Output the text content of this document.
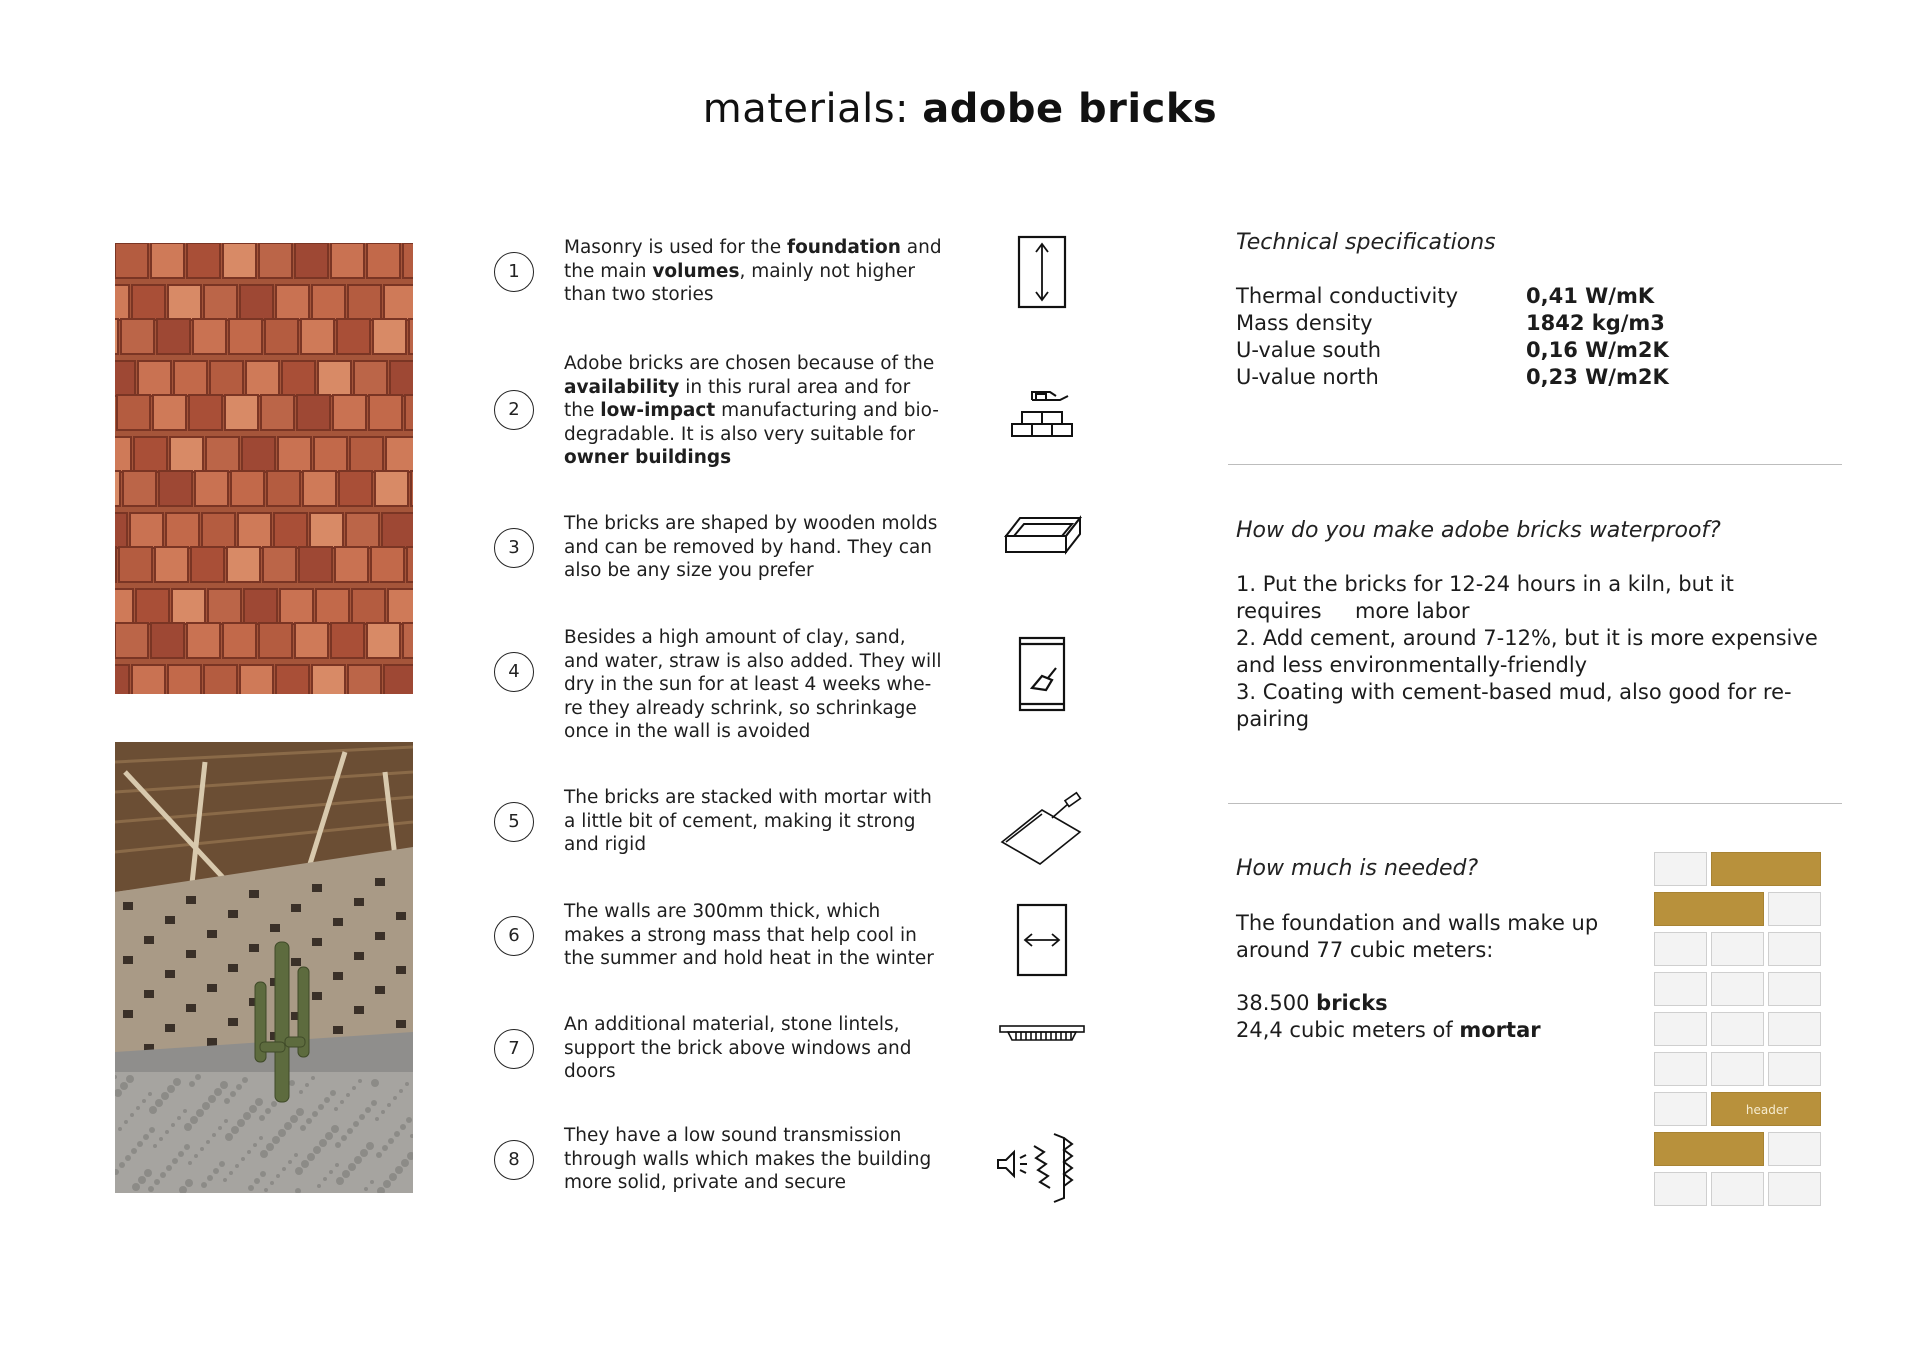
materials: adobe bricks
1
Masonry is used for the foundation and the main volumes, mainly not higher than two stories
2
Adobe bricks are chosen because of the availability in this rural area and for the low-impact manufacturing and bio-degradable. It is also very suitable for owner buildings
3
The bricks are shaped by wooden molds and can be removed by hand. They can also be any size you prefer
4
Besides a high amount of clay, sand, and water, straw is also added. They will dry in the sun for at least 4 weeks whe-re they already schrink, so schrinkage once in the wall is avoided
5
The bricks are stacked with mortar with a little bit of cement, making it strong and rigid
6
The walls are 300mm thick, which makes a strong mass that help cool in the summer and hold heat in the winter
7
An additional material, stone lintels, support the brick above windows and doors
8
They have a low sound transmission through walls which makes the building more solid, private and secure
Technical specifications
Thermal conductivity	0,41 W/mK
Mass density	1842 kg/m3
U-value south	0,16 W/m2K
U-value north	0,23 W/m2K
How do you make adobe bricks waterproof?
1. Put the bricks for 12-24 hours in a kiln, but it
requires     more labor
2. Add cement, around 7-12%, but it is more expensive
and less environmentally-friendly
3. Coating with cement-based mud, also good for re-
pairing
How much is needed?
The foundation and walls make up
around 77 cubic meters:
38.500 bricks
24,4 cubic meters of mortar
header
